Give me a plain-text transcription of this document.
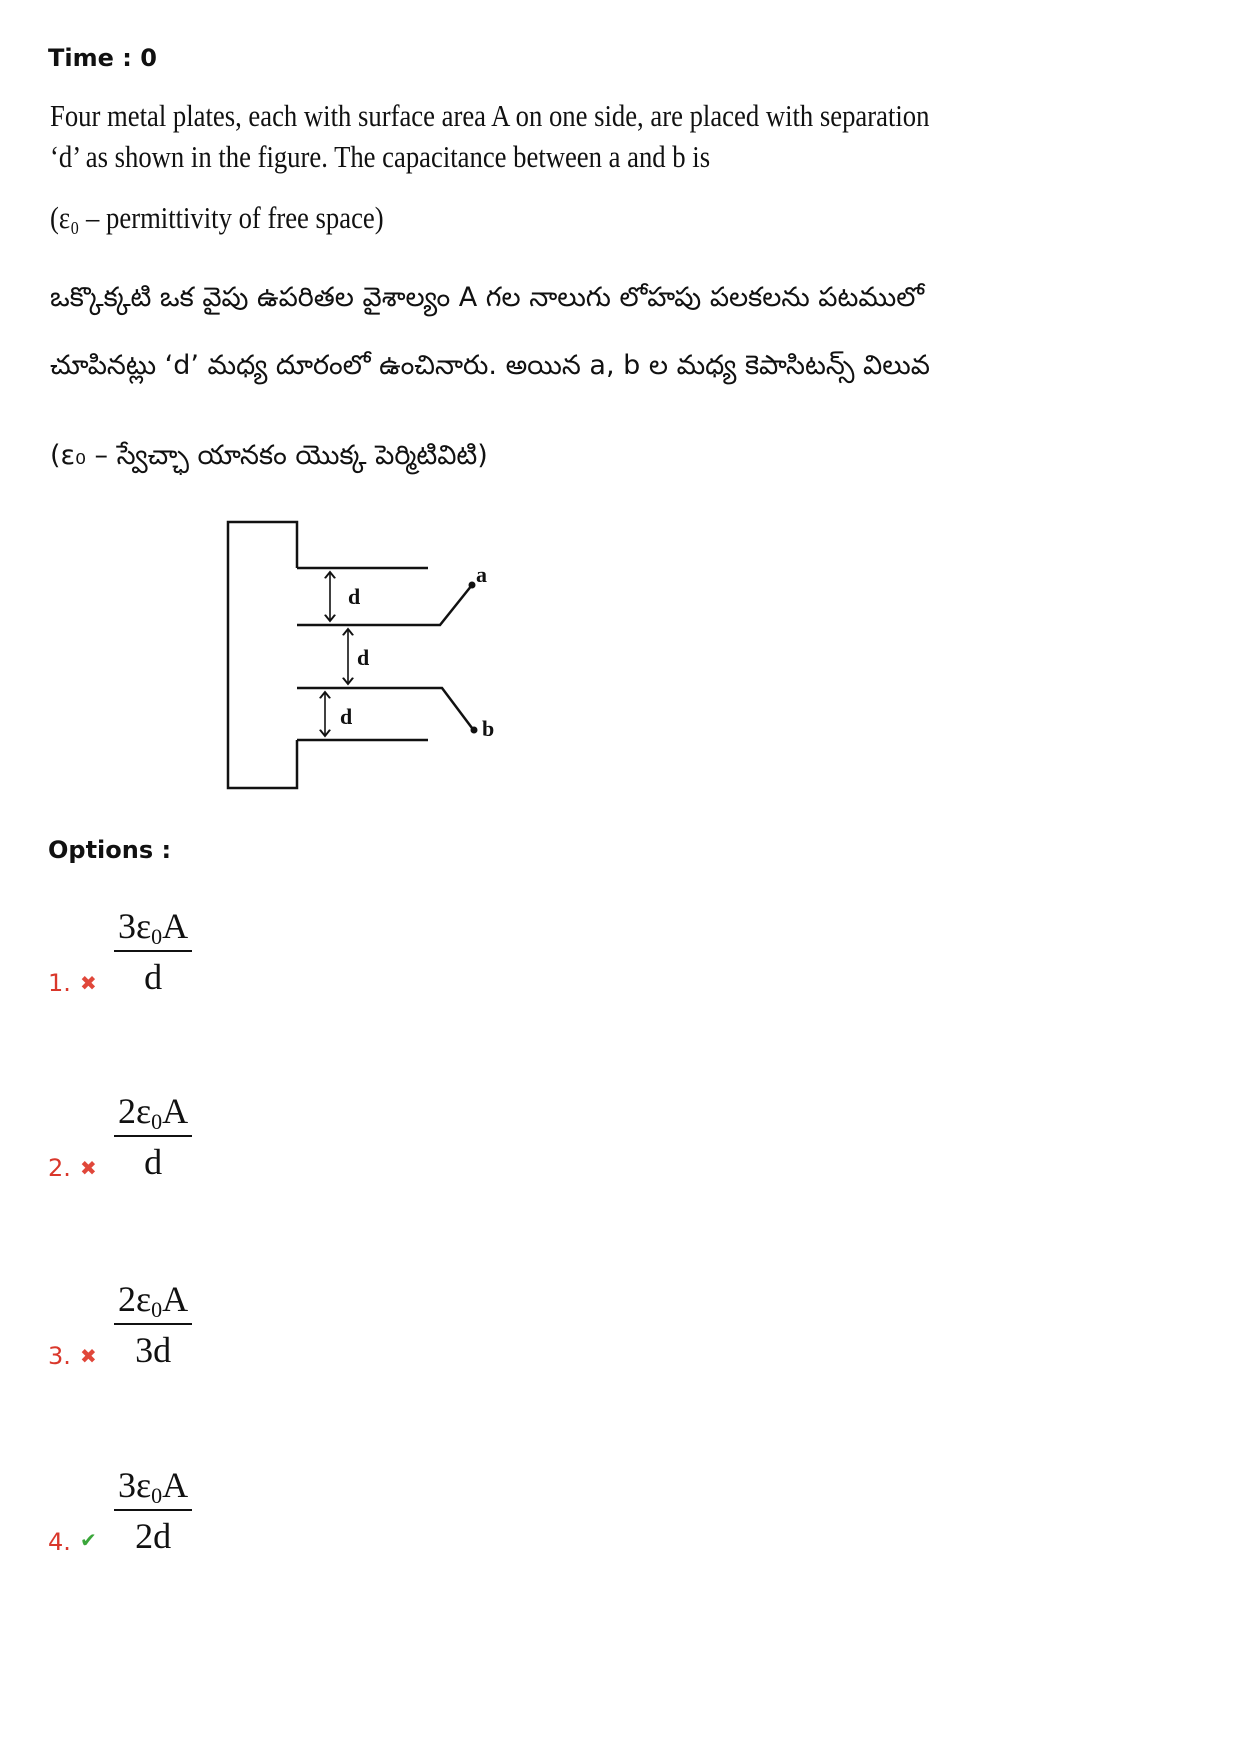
Time : 0
Four metal plates, each with surface area A on one side, are placed with separation
‘d’ as shown in the figure. The capacitance between a and b is
(ε₀ – permittivity of free space)
ఒక్కొక్కటి ఒక వైపు ఉపరితల వైశాల్యం A గల నాలుగు లోహపు పలకలను పటములో
చూపినట్లు ‘d’ మధ్య దూరంలో ఉంచినారు. అయిన a, b ల మధ్య కెపాసిటన్స్ విలువ
(ε₀ – స్వేచ్ఛా యానకం యొక్క పెర్మిటివిటి)
a
b
d
d
d
Options :
1. ✖ $\frac{3\varepsilon_0A}{d}$
2. ✖ $\frac{2\varepsilon_0A}{d}$
3. ✖ $\frac{2\varepsilon_0A}{3d}$
4. ✔ $\frac{3\varepsilon_0A}{2d}$
